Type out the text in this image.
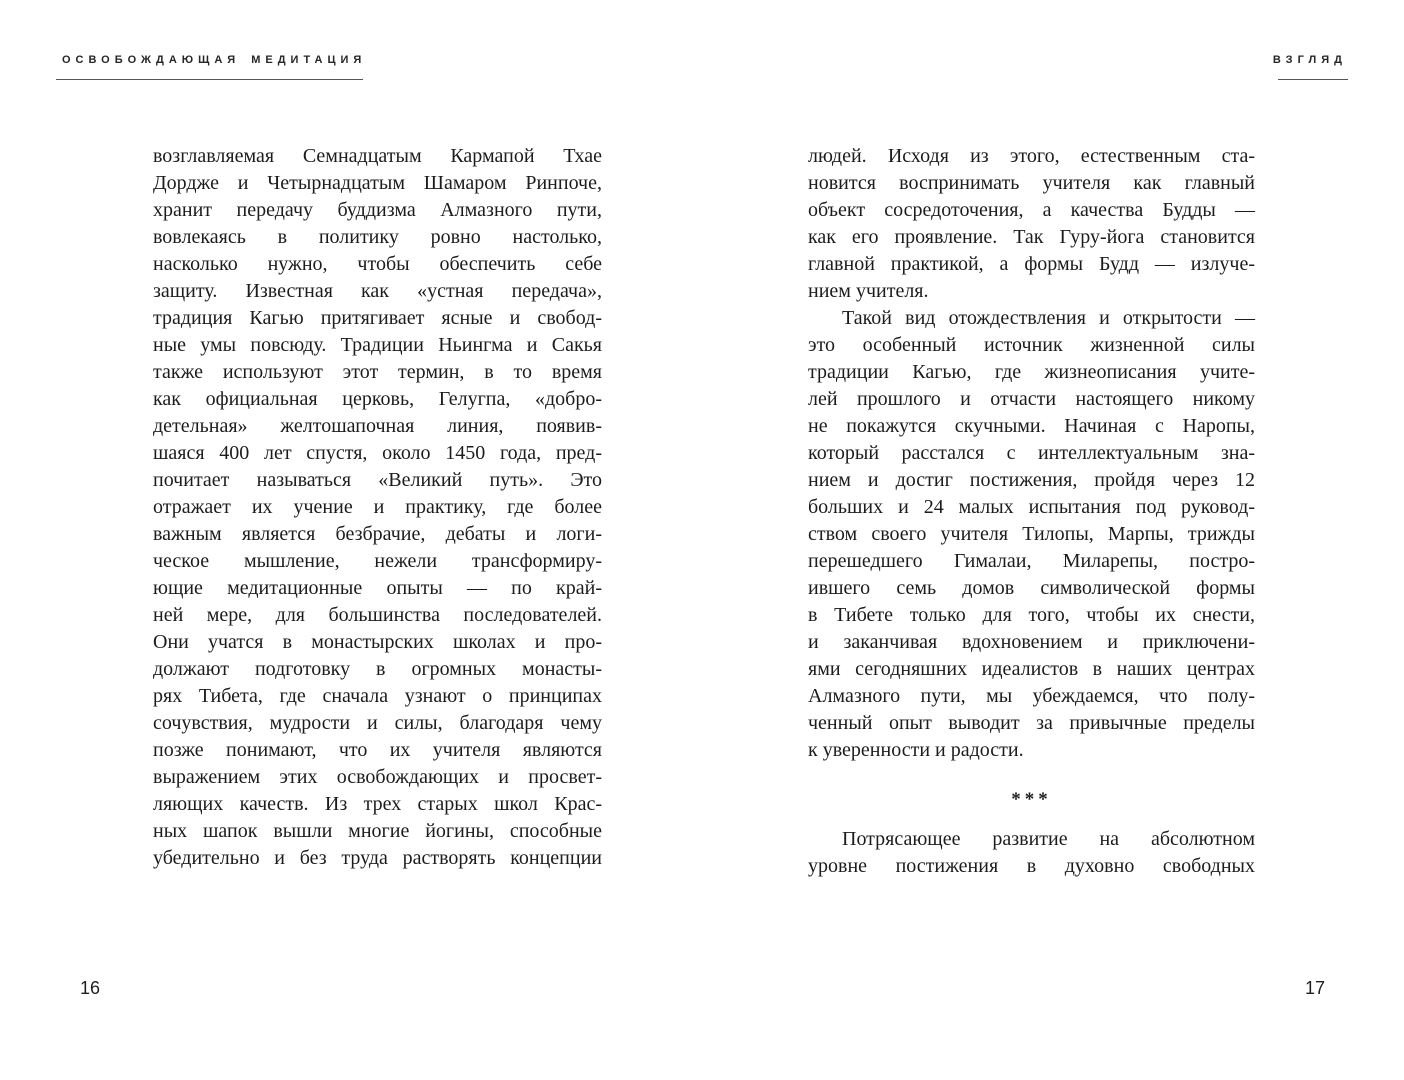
ОСВОБОЖДАЮЩАЯ МЕДИТАЦИЯ	ВЗГЛЯД
возглавляемая Семнадцатым Кармапой Тхае
Дордже и Четырнадцатым Шамаром Ринпоче,
хранит передачу буддизма Алмазного пути,
вовлекаясь в политику ровно настолько,
насколько нужно, чтобы обеспечить себе
защиту. Известная как «устная передача»,
традиция Кагью притягивает ясные и свобод-
ные умы повсюду. Традиции Ньингма и Сакья
также используют этот термин, в то время
как официальная церковь, Гелугпа, «добро-
детельная» желтошапочная линия, появив-
шаяся 400 лет спустя, около 1450 года, пред-
почитает называться «Великий путь». Это
отражает их учение и практику, где более
важным является безбрачие, дебаты и логи-
ческое мышление, нежели трансформиру-
ющие медитационные опыты — по край-
ней мере, для большинства последователей.
Они учатся в монастырских школах и про-
должают подготовку в огромных монасты-
рях Тибета, где сначала узнают о принципах
сочувствия, мудрости и силы, благодаря чему
позже понимают, что их учителя являются
выражением этих освобождающих и просвет-
ляющих качеств. Из трех старых школ Крас-
ных шапок вышли многие йогины, способные
убедительно и без труда растворять концепции
людей. Исходя из этого, естественным ста-
новится воспринимать учителя как главный
объект сосредоточения, а качества Будды —
как его проявление. Так Гуру-йога становится
главной практикой, а формы Будд — излуче-
нием учителя.
Такой вид отождествления и открытости —
это особенный источник жизненной силы
традиции Кагью, где жизнеописания учите-
лей прошлого и отчасти настоящего никому
не покажутся скучными. Начиная с Наропы,
который расстался с интеллектуальным зна-
нием и достиг постижения, пройдя через 12
больших и 24 малых испытания под руковод-
ством своего учителя Тилопы, Марпы, трижды
перешедшего Гималаи, Миларепы, постро-
ившего семь домов символической формы
в Тибете только для того, чтобы их снести,
и заканчивая вдохновением и приключени-
ями сегодняшних идеалистов в наших центрах
Алмазного пути, мы убеждаемся, что полу-
ченный опыт выводит за привычные пределы
к уверенности и радости.
***
Потрясающее развитие на абсолютном
уровне постижения в духовно свободных
16	17
